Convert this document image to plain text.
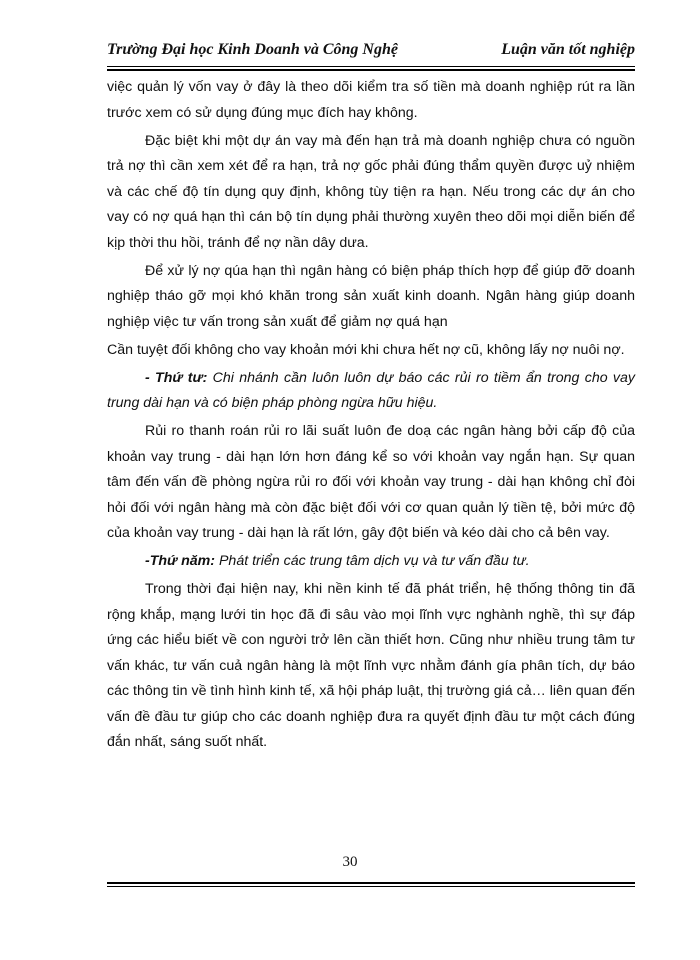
Trường Đại học Kinh Doanh và Công Nghệ	Luận văn tốt nghiệp

việc quản lý vốn vay ở đây là theo dõi kiểm tra số tiền mà doanh nghiệp rút ra lần trước xem có sử dụng đúng mục đích hay không.

Đặc biệt khi một dự án vay mà đến hạn trả mà doanh nghiệp chưa có nguồn trả nợ thì cần xem xét để ra hạn, trả nợ gốc phải đúng thẩm quyền được uỷ nhiệm và các chế độ tín dụng quy định, không tùy tiện ra hạn. Nếu trong các dự án cho vay có nợ quá hạn thì cán bộ tín dụng phải thường xuyên theo dõi mọi diễn biến để kịp thời thu hồi, tránh để nợ nần dây dưa.

Để xử lý nợ qúa hạn thì ngân hàng có biện pháp thích hợp để giúp đỡ doanh nghiệp tháo gỡ mọi khó khăn trong sản xuất kinh doanh. Ngân hàng giúp doanh nghiệp việc tư vấn trong sản xuất để giảm nợ quá hạn

Cần tuyệt đối không cho vay khoản mới khi chưa hết nợ cũ, không lấy nợ nuôi nợ.

- Thứ tư: Chi nhánh cần luôn luôn dự báo các rủi ro tiềm ẩn trong cho vay trung dài hạn và có biện pháp phòng ngừa hữu hiệu.

Rủi ro thanh roán rủi ro lãi suất luôn đe doạ các ngân hàng bởi cấp độ của khoản vay trung - dài hạn lớn hơn đáng kể so với khoản vay ngắn hạn. Sự quan tâm đến vấn đề phòng ngừa rủi ro đối với khoản vay trung - dài hạn không chỉ đòi hỏi đối với ngân hàng mà còn đặc biệt đối với cơ quan quản lý tiền tệ, bởi mức độ của khoản vay trung - dài hạn là rất lớn, gây đột biến và kéo dài cho cả bên vay.

-Thứ năm: Phát triển các trung tâm dịch vụ và tư vấn đầu tư.

Trong thời đại hiện nay, khi nền kinh tế đã phát triển, hệ thống thông tin đã rộng khắp, mạng lưới tin học đã đi sâu vào mọi lĩnh vực nghành nghề, thì sự đáp ứng các hiểu biết về con người trở lên cần thiết hơn. Cũng như nhiều trung tâm tư vấn khác, tư vấn cuả ngân hàng là một lĩnh vực nhằm đánh gía phân tích, dự báo các thông tin về tình hình kinh tế, xã hội pháp luật, thị trường giá cả… liên quan đến vấn đề đầu tư giúp cho các doanh nghiệp đưa ra quyết định đầu tư một cách đúng đắn nhất, sáng suốt nhất.

30
